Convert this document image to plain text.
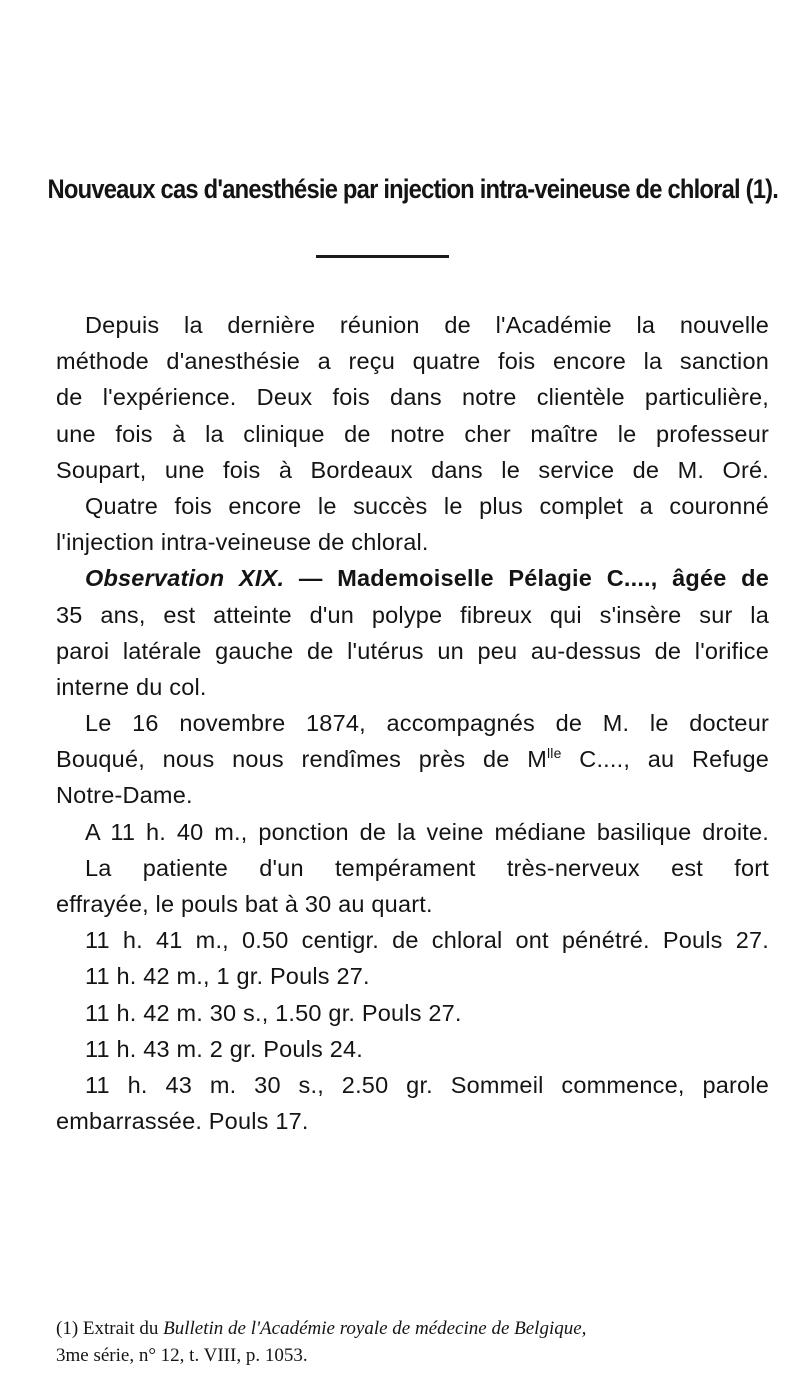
Nouveaux cas d'anesthésie par injection intra-veineuse de chloral (1).
Depuis la dernière réunion de l'Académie la nouvelle
méthode d'anesthésie a reçu quatre fois encore la sanction
de l'expérience. Deux fois dans notre clientèle particulière,
une fois à la clinique de notre cher maître le professeur
Soupart, une fois à Bordeaux dans le service de M. Oré.
Quatre fois encore le succès le plus complet a couronné
l'injection intra-veineuse de chloral.
Observation XIX. — Mademoiselle Pélagie C...., âgée de
35 ans, est atteinte d'un polype fibreux qui s'insère sur la
paroi latérale gauche de l'utérus un peu au-dessus de l'orifice
interne du col.
Le 16 novembre 1874, accompagnés de M. le docteur
Bouqué, nous nous rendîmes près de $M^{lle}$ C...., au Refuge
Notre-Dame.
A 11 h. 40 m., ponction de la veine médiane basilique droite.
La patiente d'un tempérament très-nerveux est fort
effrayée, le pouls bat à 30 au quart.
11 h. 41 m., 0.50 centigr. de chloral ont pénétré. Pouls 27.
11 h. 42 m., 1 gr. Pouls 27.
11 h. 42 m. 30 s., 1.50 gr. Pouls 27.
11 h. 43 m. 2 gr. Pouls 24.
11 h. 43 m. 30 s., 2.50 gr. Sommeil commence, parole
embarrassée. Pouls 17.
(1) Extrait du Bulletin de l'Académie royale de médecine de Belgique,
3me série, n° 12, t. VIII, p. 1053.
